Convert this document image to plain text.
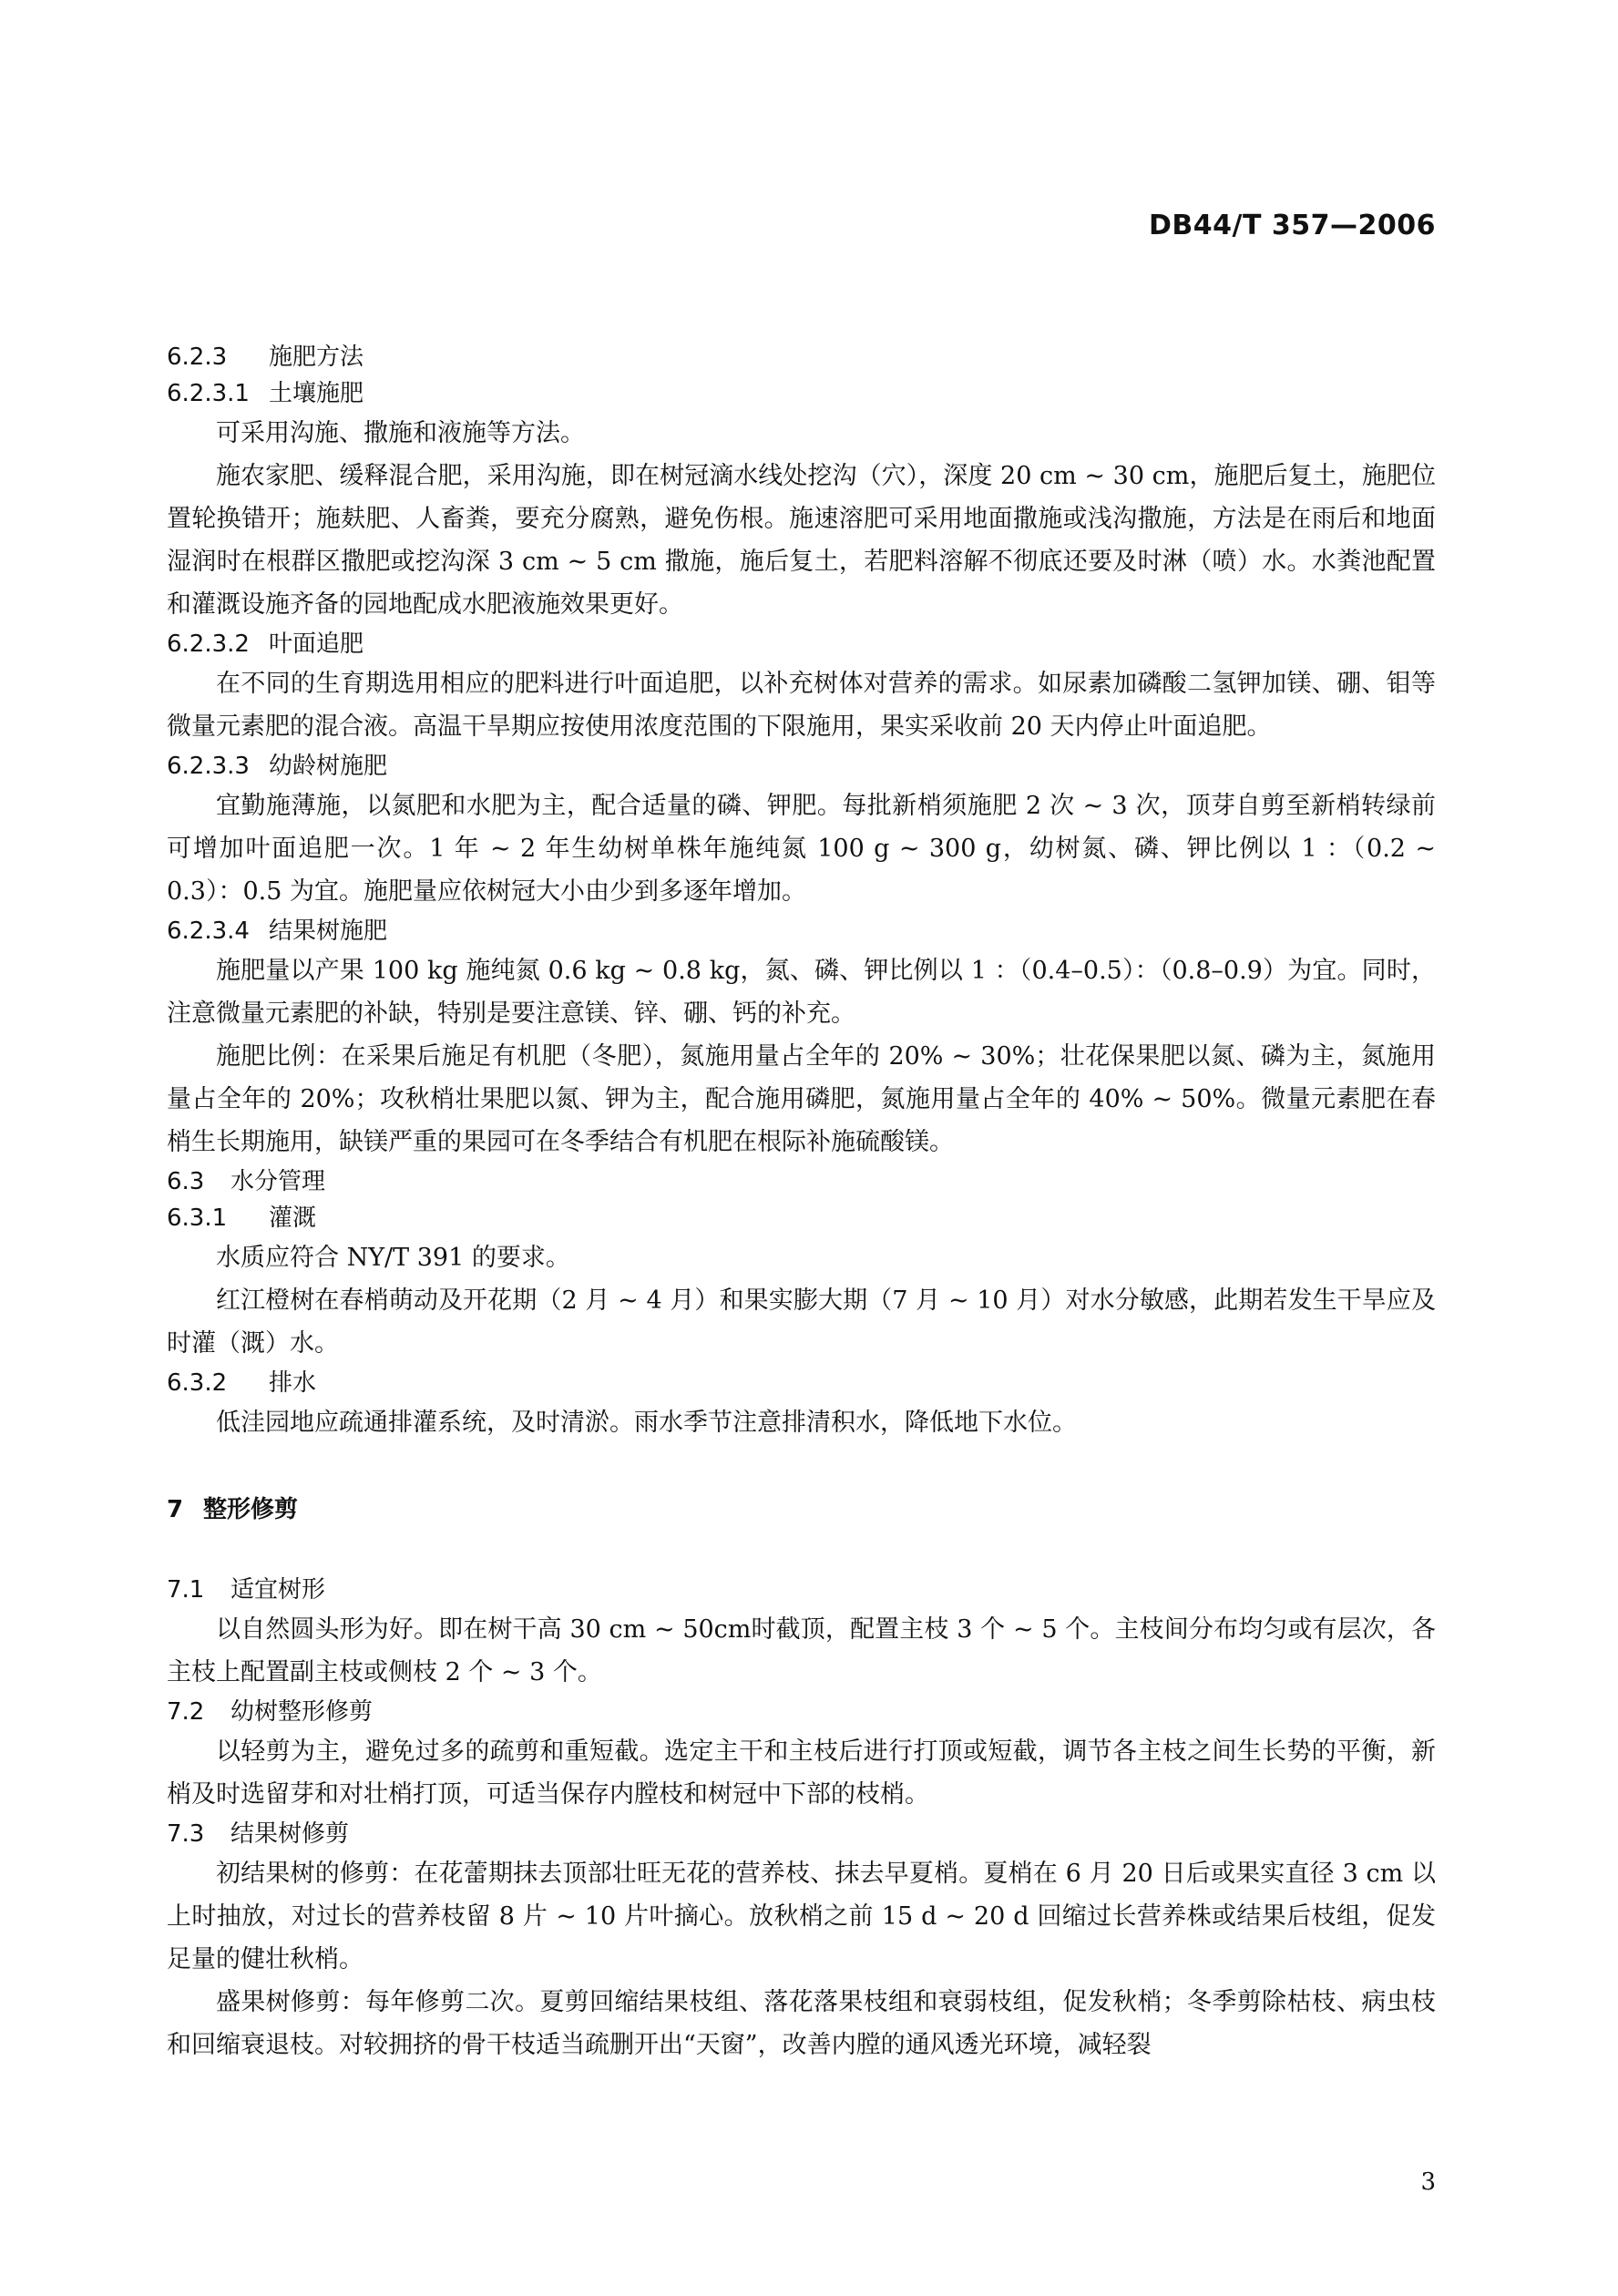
DB44/T 357—2006
6.2.3 施肥方法
6.2.3.1 土壤施肥

可采用沟施、撒施和液施等方法。

施农家肥、缓释混合肥，采用沟施，即在树冠滴水线处挖沟（穴），深度 20 cm ~ 30 cm，施肥后复土，施肥位置轮换错开；施麸肥、人畜粪，要充分腐熟，避免伤根。施速溶肥可采用地面撒施或浅沟撒施，方法是在雨后和地面湿润时在根群区撒肥或挖沟深 3 cm ~ 5 cm 撒施，施后复土，若肥料溶解不彻底还要及时淋（喷）水。水粪池配置和灌溉设施齐备的园地配成水肥液施效果更好。

6.2.3.2 叶面追肥

在不同的生育期选用相应的肥料进行叶面追肥，以补充树体对营养的需求。如尿素加磷酸二氢钾加镁、硼、钼等微量元素肥的混合液。高温干旱期应按使用浓度范围的下限施用，果实采收前 20 天内停止叶面追肥。

6.2.3.3 幼龄树施肥

宜勤施薄施，以氮肥和水肥为主，配合适量的磷、钾肥。每批新梢须施肥 2 次 ~ 3 次，顶芽自剪至新梢转绿前可增加叶面追肥一次。1 年 ~ 2 年生幼树单株年施纯氮 100 g ~ 300 g，幼树氮、磷、钾比例以 1 ：（0.2 ~ 0.3）：0.5 为宜。施肥量应依树冠大小由少到多逐年增加。

6.2.3.4 结果树施肥

施肥量以产果 100 kg 施纯氮 0.6 kg ~ 0.8 kg，氮、磷、钾比例以 1 ：（0.4–0.5）：（0.8–0.9）为宜。同时，注意微量元素肥的补缺，特别是要注意镁、锌、硼、钙的补充。

施肥比例：在采果后施足有机肥（冬肥），氮施用量占全年的 20% ~ 30%；壮花保果肥以氮、磷为主，氮施用量占全年的 20%；攻秋梢壮果肥以氮、钾为主，配合施用磷肥，氮施用量占全年的 40% ~ 50%。微量元素肥在春梢生长期施用，缺镁严重的果园可在冬季结合有机肥在根际补施硫酸镁。

6.3 水分管理
6.3.1 灌溉

水质应符合 NY/T 391 的要求。

红江橙树在春梢萌动及开花期（2 月 ~ 4 月）和果实膨大期（7 月 ~ 10 月）对水分敏感，此期若发生干旱应及时灌（溉）水。

6.3.2 排水

低洼园地应疏通排灌系统，及时清淤。雨水季节注意排清积水，降低地下水位。

7 整形修剪
7.1 适宜树形

以自然圆头形为好。即在树干高 30 cm ~ 50cm时截顶，配置主枝 3 个 ~ 5 个。主枝间分布均匀或有层次，各主枝上配置副主枝或侧枝 2 个 ~ 3 个。

7.2 幼树整形修剪

以轻剪为主，避免过多的疏剪和重短截。选定主干和主枝后进行打顶或短截，调节各主枝之间生长势的平衡，新梢及时选留芽和对壮梢打顶，可适当保存内膛枝和树冠中下部的枝梢。

7.3 结果树修剪

初结果树的修剪：在花蕾期抹去顶部壮旺无花的营养枝、抹去早夏梢。夏梢在 6 月 20 日后或果实直径 3 cm 以上时抽放，对过长的营养枝留 8 片 ~ 10 片叶摘心。放秋梢之前 15 d ~ 20 d 回缩过长营养株或结果后枝组，促发足量的健壮秋梢。

盛果树修剪：每年修剪二次。夏剪回缩结果枝组、落花落果枝组和衰弱枝组，促发秋梢；冬季剪除枯枝、病虫枝和回缩衰退枝。对较拥挤的骨干枝适当疏删开出“天窗”，改善内膛的通风透光环境，减轻裂

3
